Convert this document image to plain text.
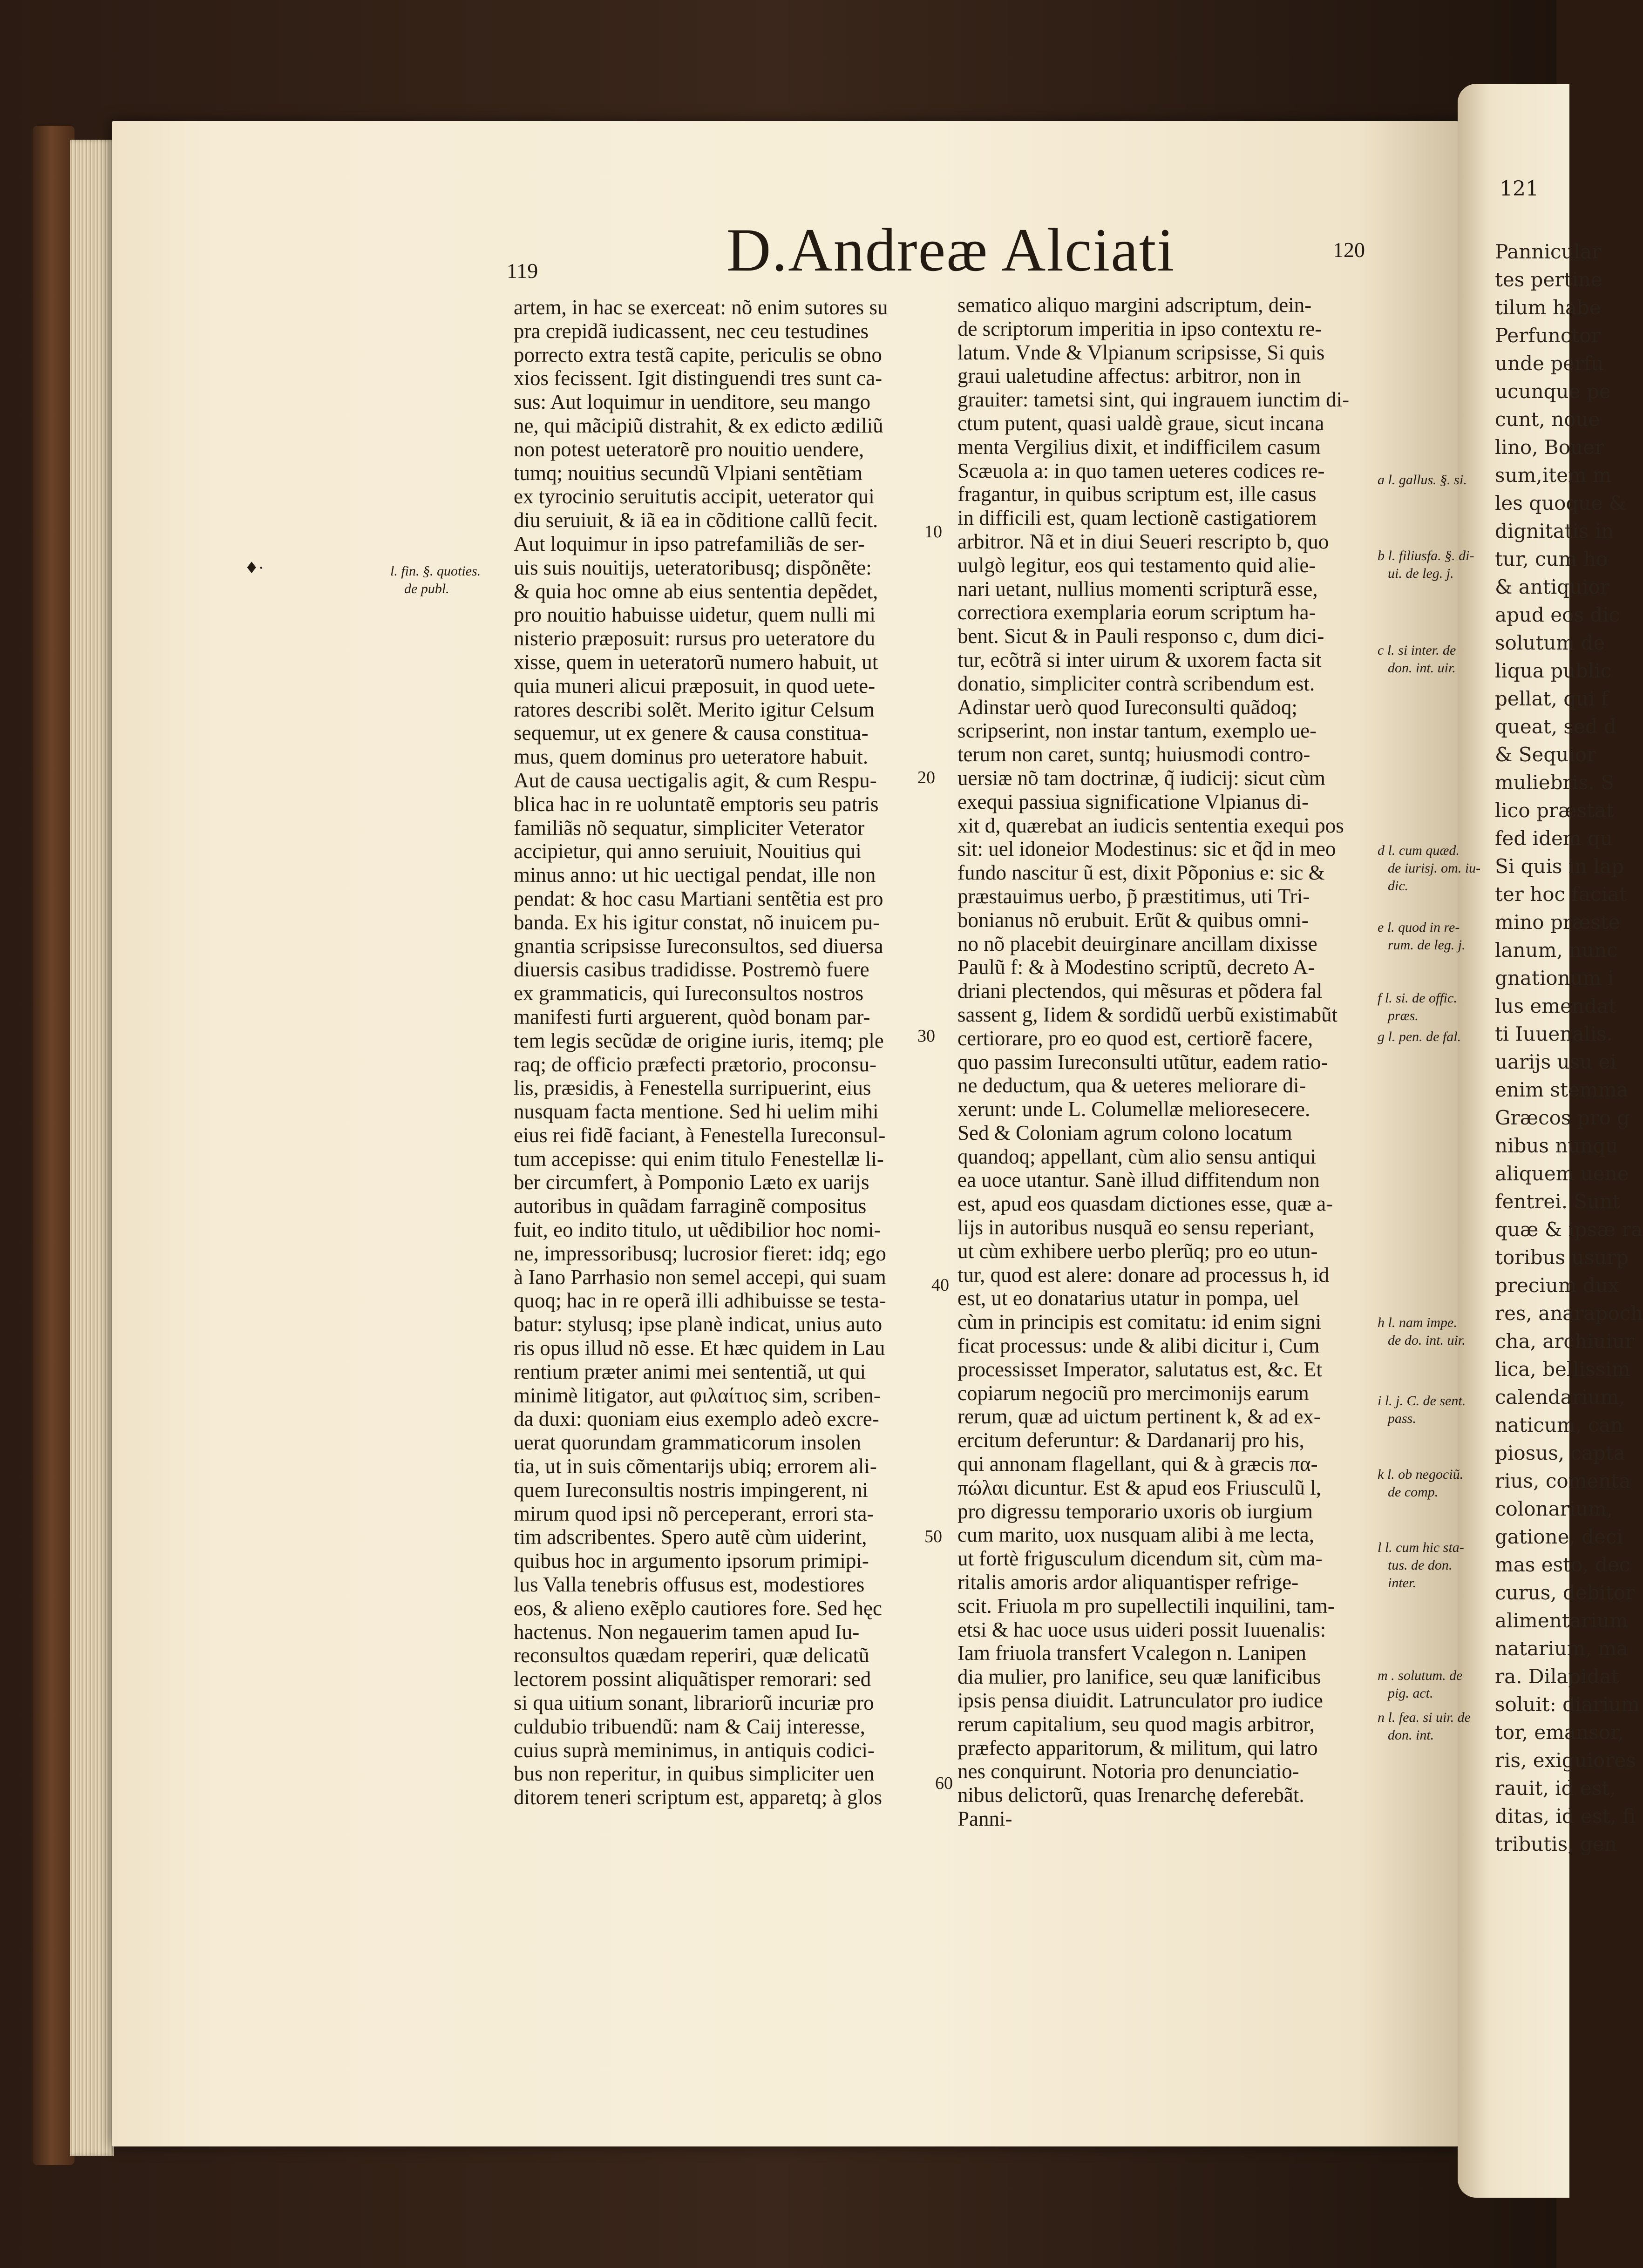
121
Pannicular
tes pertine
tilum habe
Perfunctor
unde perfu
ucunque pe
cunt, noue
lino, Bouer
sum,item m
les quoque &
dignitatis in
tur, cum ho
& antiquior
apud eos dic
solutum de
liqua public
pellat, qui f
queat, sed d
& Sequior
muliebris. S
lico præstat
fed idem qu
Si quis in lap
ter hoc faciat
mino præste
lanum, nunc
gnationum i
lus emendat
ti Iuuenalis.
uarijs usu ei
enim stemma
Græcos pro g
nibus nunqu
aliquem uene
fentrei. Sunt
quæ & ipsæ ra
toribus usurp
precium dux
res, anarapoch
cha, archiuiur
lica, bellissim
calendarium,
naticum, can
piosus, capta
rius, comenta
colonarium,
gatione, deci
mas esto, dec
curus, debitor
alimentarium
natarium, ma
ra. Dilapidat
soluit: diarium
tor, emansor,
ris, exiguiores
rauit, id est,
ditas, id est, fi
tributis, gen
D.Andreæ Alciati
119
120
artem, in hac se exerceat: nõ enim sutores su
pra crepidã iudicassent, nec ceu testudines
porrecto extra testã capite, periculis se obno
xios fecissent. Igit distinguendi tres sunt ca-
sus: Aut loquimur in uenditore, seu mango
ne, qui mãcipiũ distrahit, & ex edicto ædiliũ
non potest ueteratorẽ pro nouitio uendere,
tumq; nouitius secundũ Vlpiani sentẽtiam
ex tyrocinio seruitutis accipit, ueterator qui
diu seruiuit, & iã ea in cõditione callũ fecit.
Aut loquimur in ipso patrefamiliãs de ser-
uis suis nouitijs, ueteratoribusq; dispõnẽte:
& quia hoc omne ab eius sententia depẽdet,
pro nouitio habuisse uidetur, quem nulli mi
nisterio præposuit: rursus pro ueteratore du
xisse, quem in ueteratorũ numero habuit, ut
quia muneri alicui præposuit, in quod uete-
ratores describi solẽt. Merito igitur Celsum
sequemur, ut ex genere & causa constitua-
mus, quem dominus pro ueteratore habuit.
Aut de causa uectigalis agit, & cum Respu-
blica hac in re uoluntatẽ emptoris seu patris
familiãs nõ sequatur, simpliciter Veterator
accipietur, qui anno seruiuit, Nouitius qui
minus anno: ut hic uectigal pendat, ille non
pendat: & hoc casu Martiani sentẽtia est pro
banda. Ex his igitur constat, nõ inuicem pu-
gnantia scripsisse Iureconsultos, sed diuersa
diuersis casibus tradidisse. Postremò fuere
ex grammaticis, qui Iureconsultos nostros
manifesti furti arguerent, quòd bonam par-
tem legis secũdæ de origine iuris, itemq; ple
raq; de officio præfecti prætorio, proconsu-
lis, præsidis, à Fenestella surripuerint, eius
nusquam facta mentione. Sed hi uelim mihi
eius rei fidẽ faciant, à Fenestella Iureconsul-
tum accepisse: qui enim titulo Fenestellæ li-
ber circumfert, à Pomponio Læto ex uarijs
autoribus in quãdam farraginẽ compositus
fuit, eo indito titulo, ut uẽdibilior hoc nomi-
ne, impressoribusq; lucrosior fieret: idq; ego
à Iano Parrhasio non semel accepi, qui suam
quoq; hac in re operã illi adhibuisse se testa-
batur: stylusq; ipse planè indicat, unius auto
ris opus illud nõ esse. Et hæc quidem in Lau
rentium præter animi mei sententiã, ut qui
minimè litigator, aut φιλαίτιος sim, scriben-
da duxi: quoniam eius exemplo adeò excre-
uerat quorundam grammaticorum insolen
tia, ut in suis cõmentarijs ubiq; errorem ali-
quem Iureconsultis nostris impingerent, ni
mirum quod ipsi nõ perceperant, errori sta-
tim adscribentes. Spero autẽ cùm uiderint,
quibus hoc in argumento ipsorum primipi-
lus Valla tenebris offusus est, modestiores
eos, & alieno exẽplo cautiores fore. Sed hęc
hactenus. Non negauerim tamen apud Iu-
reconsultos quædam reperiri, quæ delicatũ
lectorem possint aliquãtisper remorari: sed
si qua uitium sonant, librariorũ incuriæ pro
culdubio tribuendũ: nam & Caij interesse,
cuius suprà meminimus, in antiquis codici-
bus non reperitur, in quibus simpliciter uen
ditorem teneri scriptum est, apparetq; à glos
sematico aliquo margini adscriptum, dein-
de scriptorum imperitia in ipso contextu re-
latum. Vnde & Vlpianum scripsisse, Si quis
graui ualetudine affectus: arbitror, non in
grauiter: tametsi sint, qui ingrauem iunctim di-
ctum putent, quasi ualdè graue, sicut incana
menta Vergilius dixit, et indifficilem casum
Scæuola a: in quo tamen ueteres codices re-
fragantur, in quibus scriptum est, ille casus
in difficili est, quam lectionẽ castigatiorem
arbitror. Nã et in diui Seueri rescripto b, quo
uulgò legitur, eos qui testamento quid alie-
nari uetant, nullius momenti scripturã esse,
correctiora exemplaria eorum scriptum ha-
bent. Sicut & in Pauli responso c, dum dici-
tur, ecõtrã si inter uirum & uxorem facta sit
donatio, simpliciter contrà scribendum est.
Adinstar uerò quod Iureconsulti quãdoq;
scripserint, non instar tantum, exemplo ue-
terum non caret, suntq; huiusmodi contro-
uersiæ nõ tam doctrinæ, q̃ iudicij: sicut cùm
exequi passiua significatione Vlpianus di-
xit d, quærebat an iudicis sententia exequi pos
sit: uel idoneior Modestinus: sic et q̃d in meo
fundo nascitur ũ est, dixit Põponius e: sic &
præstauimus uerbo, p̃ præstitimus, uti Tri-
bonianus nõ erubuit. Erũt & quibus omni-
no nõ placebit deuirginare ancillam dixisse
Paulũ f: & à Modestino scriptũ, decreto A-
driani plectendos, qui mẽsuras et põdera fal
sassent g, Iidem & sordidũ uerbũ existimabũt
certiorare, pro eo quod est, certiorẽ facere,
quo passim Iureconsulti utũtur, eadem ratio-
ne deductum, qua & ueteres meliorare di-
xerunt: unde L. Columellæ melioresecere.
Sed & Coloniam agrum colono locatum
quandoq; appellant, cùm alio sensu antiqui
ea uoce utantur. Sanè illud diffitendum non
est, apud eos quasdam dictiones esse, quæ a-
lijs in autoribus nusquã eo sensu reperiant,
ut cùm exhibere uerbo plerũq; pro eo utun-
tur, quod est alere: donare ad processus h, id
est, ut eo donatarius utatur in pompa, uel
cùm in principis est comitatu: id enim signi
ficat processus: unde & alibi dicitur i, Cum
processisset Imperator, salutatus est, &c. Et
copiarum negociũ pro mercimonijs earum
rerum, quæ ad uictum pertinent k, & ad ex-
ercitum deferuntur: & Dardanarij pro his,
qui annonam flagellant, qui & à græcis πα-
πώλαι dicuntur. Est & apud eos Friusculũ l,
pro digressu temporario uxoris ob iurgium
cum marito, uox nusquam alibi à me lecta,
ut fortè frigusculum dicendum sit, cùm ma-
ritalis amoris ardor aliquantisper refrige-
scit. Friuola m pro supellectili inquilini, tam-
etsi & hac uoce usus uideri possit Iuuenalis:
Iam friuola transfert Vcalegon n. Lanipen
dia mulier, pro lanifice, seu quæ lanificibus
ipsis pensa diuidit. Latrunculator pro iudice
rerum capitalium, seu quod magis arbitror,
præfecto apparitorum, & militum, qui latro
nes conquirunt. Notoria pro denunciatio-
nibus delictorũ, quas Irenarchę deferebãt.
Panni-
10
20
30
40
50
60
♦·	l. fin. §. quoties.
de publ.
a l. gallus. §. si.
b l. filiusfa. §. di-
ui. de leg. j.
c l. si inter. de
don. int. uir.
d l. cum quæd.
de iurisj. om. iu-
dic.
e l. quod in re-
rum. de leg. j.
f l. si. de offic.
præs.
g l. pen. de fal.
h l. nam impe.
de do. int. uir.
i l. j. C. de sent.
pass.
k l. ob negociũ.
de comp.
l l. cum hic sta-
tus. de don.
inter.
m . solutum. de
pig. act.
n l. fea. si uir. de
don. int.
